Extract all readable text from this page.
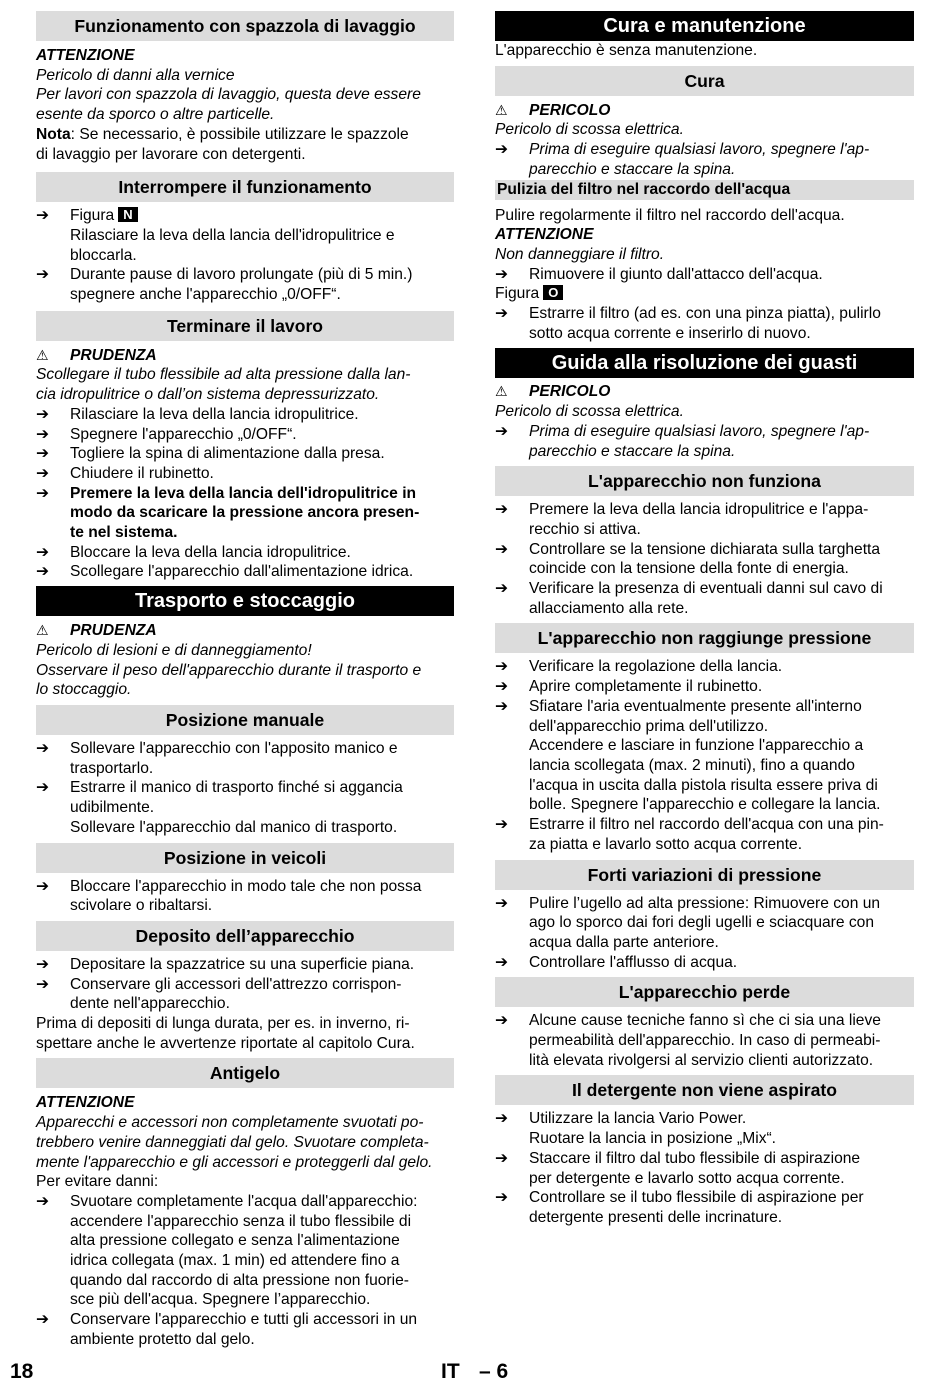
Funzionamento con spazzola di lavaggio
ATTENZIONE
Pericolo di danni alla vernice
Per lavori con spazzola di lavaggio, questa deve essere
esente da sporco o altre particelle.
Nota: Se necessario, è possibile utilizzare le spazzole
di lavaggio per lavorare con detergenti.
Interrompere il funzionamento
➔	Figura N
Rilasciare la leva della lancia dell'idropulitrice e
bloccarla.
➔	Durante pause di lavoro prolungate (più di 5 min.)
spegnere anche l'apparecchio „0/OFF“.
Terminare il lavoro
⚠	PRUDENZA
Scollegare il tubo flessibile ad alta pressione dalla lan-
cia idropulitrice o dall’on sistema depressurizzato.
➔	Rilasciare la leva della lancia idropulitrice.
➔	Spegnere l'apparecchio „0/OFF“.
➔	Togliere la spina di alimentazione dalla presa.
➔	Chiudere il rubinetto.
➔	Premere la leva della lancia dell'idropulitrice in
modo da scaricare la pressione ancora presen-
te nel sistema.
➔	Bloccare la leva della lancia idropulitrice.
➔	Scollegare l'apparecchio dall'alimentazione idrica.
Trasporto e stoccaggio
⚠	PRUDENZA
Pericolo di lesioni e di danneggiamento!
Osservare il peso dell'apparecchio durante il trasporto e
lo stoccaggio.
Posizione manuale
➔	Sollevare l'apparecchio con l'apposito manico e
trasportarlo.
➔	Estrarre il manico di trasporto finché si aggancia
udibilmente.
Sollevare l'apparecchio dal manico di trasporto.
Posizione in veicoli
➔	Bloccare l'apparecchio in modo tale che non possa
scivolare o ribaltarsi.
Deposito dell’apparecchio
➔	Depositare la spazzatrice su una superficie piana.
➔	Conservare gli accessori dell'attrezzo corrispon-
dente nell'apparecchio.
Prima di depositi di lunga durata, per es. in inverno, ri-
spettare anche le avvertenze riportate al capitolo Cura.
Antigelo
ATTENZIONE
Apparecchi e accessori non completamente svuotati po-
trebbero venire danneggiati dal gelo. Svuotare completa-
mente l'apparecchio e gli accessori e proteggerli dal gelo.
Per evitare danni:
➔	Svuotare completamente l'acqua dall'apparecchio:
accendere l'apparecchio senza il tubo flessibile di
alta pressione collegato e senza l'alimentazione
idrica collegata (max. 1 min) ed attendere fino a
quando dal raccordo di alta pressione non fuorie-
sce più dell'acqua. Spegnere l’apparecchio.
➔	Conservare l'apparecchio e tutti gli accessori in un
ambiente protetto dal gelo.
Cura e manutenzione
L'apparecchio è senza manutenzione.
Cura
⚠	PERICOLO
Pericolo di scossa elettrica.
➔	Prima di eseguire qualsiasi lavoro, spegnere l'ap-
parecchio e staccare la spina.
Pulizia del filtro nel raccordo dell'acqua
Pulire regolarmente il filtro nel raccordo dell'acqua.
ATTENZIONE
Non danneggiare il filtro.
➔	Rimuovere il giunto dall'attacco dell'acqua.
Figura O
➔	Estrarre il filtro (ad es. con una pinza piatta), pulirlo
sotto acqua corrente e inserirlo di nuovo.
Guida alla risoluzione dei guasti
⚠	PERICOLO
Pericolo di scossa elettrica.
➔	Prima di eseguire qualsiasi lavoro, spegnere l'ap-
parecchio e staccare la spina.
L'apparecchio non funziona
➔	Premere la leva della lancia idropulitrice e l'appa-
recchio si attiva.
➔	Controllare se la tensione dichiarata sulla targhetta
coincide con la tensione della fonte di energia.
➔	Verificare la presenza di eventuali danni sul cavo di
allacciamento alla rete.
L'apparecchio non raggiunge pressione
➔	Verificare la regolazione della lancia.
➔	Aprire completamente il rubinetto.
➔	Sfiatare l'aria eventualmente presente all'interno
dell'apparecchio prima dell'utilizzo.
Accendere e lasciare in funzione l'apparecchio a
lancia scollegata (max. 2 minuti), fino a quando
l'acqua in uscita dalla pistola risulta essere priva di
bolle. Spegnere l'apparecchio e collegare la lancia.
➔	Estrarre il filtro nel raccordo dell'acqua con una pin-
za piatta e lavarlo sotto acqua corrente.
Forti variazioni di pressione
➔	Pulire l’ugello ad alta pressione: Rimuovere con un
ago lo sporco dai fori degli ugelli e sciacquare con
acqua dalla parte anteriore.
➔	Controllare l'afflusso di acqua.
L'apparecchio perde
➔	Alcune cause tecniche fanno sì che ci sia una lieve
permeabilità dell'apparecchio. In caso di permeabi-
lità elevata rivolgersi al servizio clienti autorizzato.
Il detergente non viene aspirato
➔	Utilizzare la lancia Vario Power.
Ruotare la lancia in posizione „Mix“.
➔	Staccare il filtro dal tubo flessibile di aspirazione
per detergente e lavarlo sotto acqua corrente.
➔	Controllare se il tubo flessibile di aspirazione per
detergente presenti delle incrinature.
18	IT – 6
